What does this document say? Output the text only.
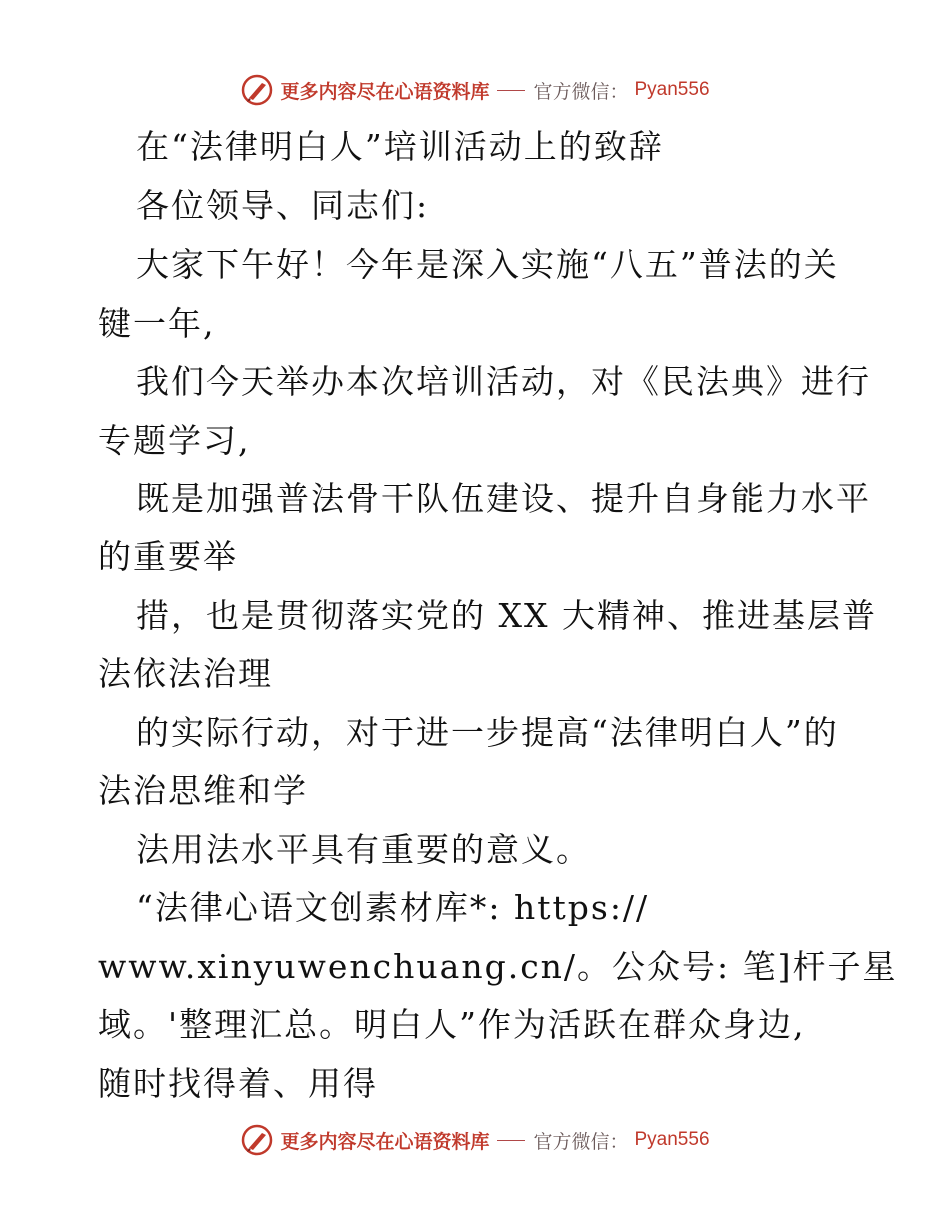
更多内容尽在心语资料库 官方微信： Pyan556
在“法律明白人”培训活动上的致辞
各位领导、同志们:
大家下午好！今年是深入实施“八五”普法的关
键一年,
我们今天举办本次培训活动，对《民法典》进行
专题学习,
既是加强普法骨干队伍建设、提升自身能力水平
的重要举
措，也是贯彻落实党的 XX 大精神、推进基层普
法依法治理
的实际行动，对于进一步提高“法律明白人”的
法治思维和学
法用法水平具有重要的意义。
“法律心语文创素材库*: https://
www.xinyuwenchuang.cn/。公众号: 笔]杆子星
域。'整理汇总。明白人”作为活跃在群众身边,
随时找得着、用得
更多内容尽在心语资料库 官方微信： Pyan556
